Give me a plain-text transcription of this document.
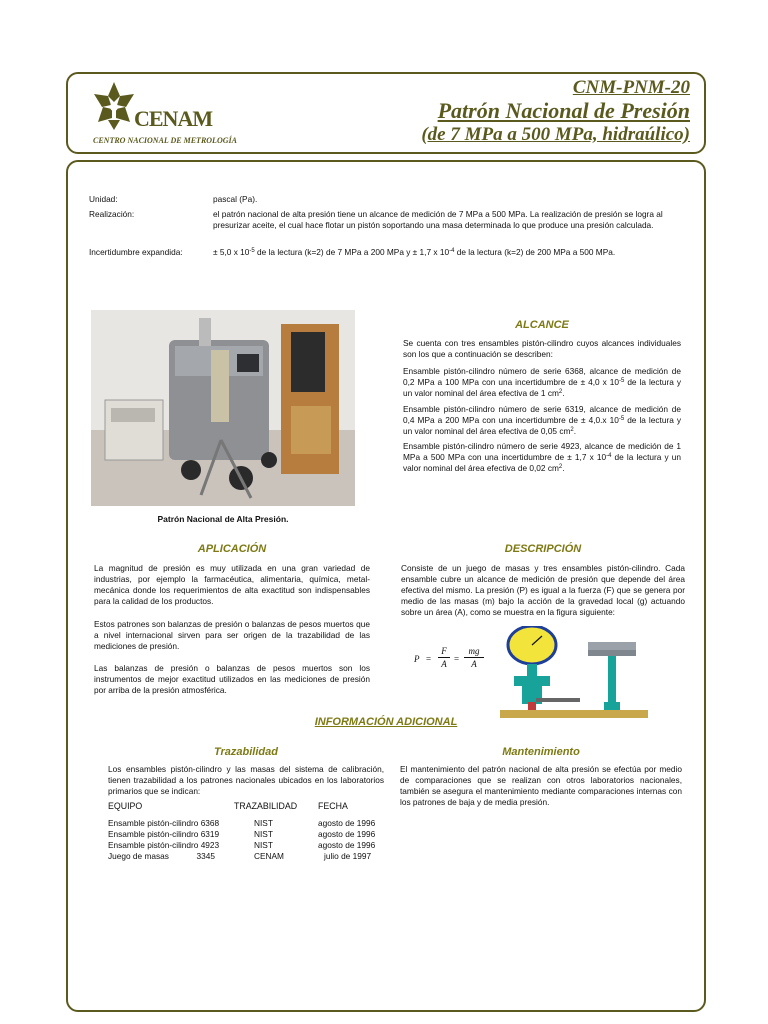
CENAM
CENTRO NACIONAL DE METROLOGÍA
CNM-PNM-20
Patrón Nacional de Presión
(de 7 MPa a 500 MPa, hidraúlico)
Unidad:	pascal (Pa).
Realización:	el patrón nacional de alta presión tiene un alcance de medición de 7 MPa a 500 MPa. La realización de presión se logra al presurizar aceite, el cual hace flotar un pistón soportando una masa determinada lo que produce una presión calculada.
Incertidumbre expandida:	± 5,0 x $10^{-5}$ de la lectura (k=2) de 7 MPa a 200 MPa y ± 1,7 x $10^{-4}$ de la lectura (k=2) de 200 MPa a 500 MPa.
Patrón Nacional de Alta Presión.
ALCANCE
Se cuenta con tres ensambles pistón-cilindro cuyos alcances individuales son los que a continuación se describen:
Ensamble pistón-cilindro número de serie 6368, alcance de medición de 0,2 MPa a 100 MPa con una incertidumbre de ± 4,0 x $10^{-5}$ de la lectura y un valor nominal del área efectiva de 1 $cm^2$.
Ensamble pistón-cilindro número de serie 6319, alcance de medición de 0,4 MPa a 200 MPa con una incertidumbre de ± 4,0.x $10^{-5}$ de la lectura y un valor nominal del área efectiva de 0,05 $cm^2$.
Ensamble pistón-cilindro número de serie 4923, alcance de medición de 1 MPa a 500 MPa con una incertidumbre de ± 1,7 x $10^{-4}$ de la lectura y un valor nominal del área efectiva de 0,02 $cm^2$.
APLICACIÓN
La magnitud de presión es muy utilizada en una gran variedad de industrias, por ejemplo la farmacéutica, alimentaria, química, metal-mecánica donde los requerimientos de alta exactitud son indispensables para la calidad de los productos.
Estos patrones son balanzas de presión o balanzas de pesos muertos que a nivel internacional sirven para ser origen de la trazabilidad de las mediciones de presión.
Las balanzas de presión o balanzas de pesos muertos son los instrumentos de mejor exactitud utilizados en las mediciones de presión por arriba de la presión atmosférica.
DESCRIPCIÓN
Consiste de un juego de masas y tres ensambles pistón-cilindro. Cada ensamble cubre un alcance de medición de presión que depende del área efectiva del mismo. La presión (P) es igual a la fuerza (F) que se genera por medio de las masas (m) bajo la acción de la gravedad local (g) actuando sobre un área (A), como se muestra en la figura siguiente:
P =
F
A =
mg
A
INFORMACIÓN ADICIONAL
Trazabilidad
Los ensambles pistón-cilindro y las masas del sistema de calibración, tienen trazabilidad a los patrones nacionales ubicados en los laboratorios primarios que se indican:
EQUIPO	TRAZABILIDAD FECHA
Ensamble pistón-cilindro 6368	NIST	agosto de 1996
Ensamble pistón-cilindro 6319	NIST	agosto de 1996
Ensamble pistón-cilindro 4923	NIST	agosto de 1996
Juego de masas            3345	CENAM	julio de 1997
Mantenimiento
El mantenimiento del patrón nacional de alta presión se efectúa por medio de comparaciones que se realizan con otros laboratorios nacionales, también se asegura el mantenimiento mediante comparaciones internas con los patrones de baja y de media presión.
